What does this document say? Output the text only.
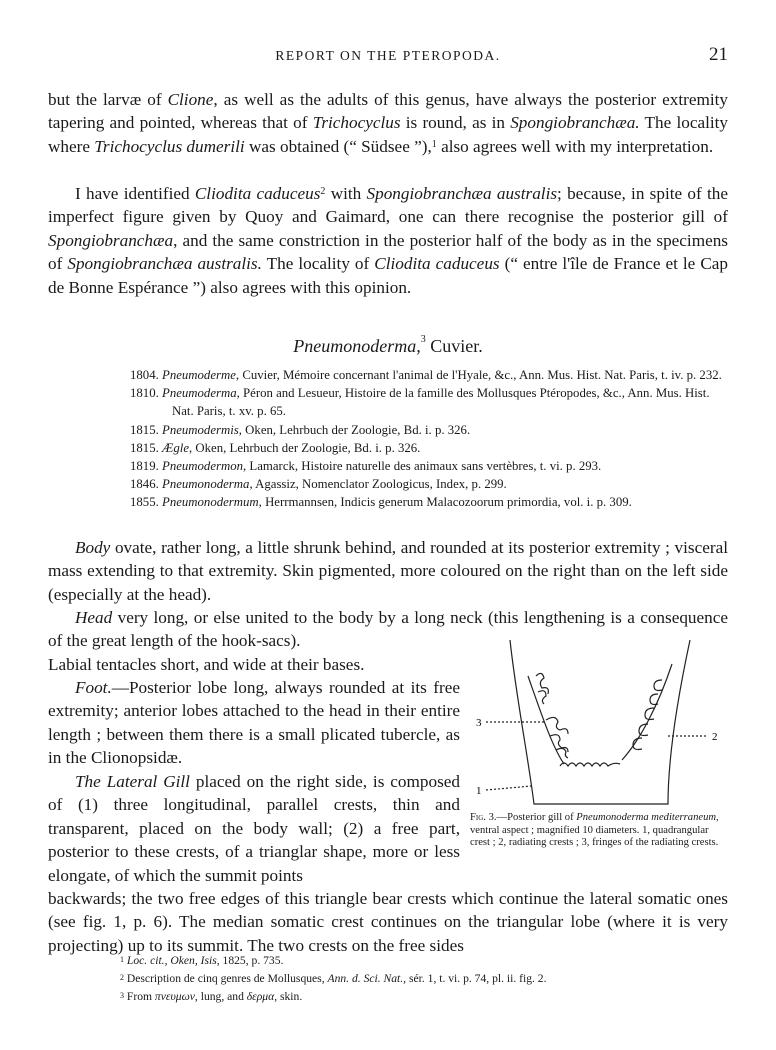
REPORT ON THE PTEROPODA.	21
but the larvæ of Clione, as well as the adults of this genus, have always the posterior extremity tapering and pointed, whereas that of Trichocyclus is round, as in Spongiobranchæa. The locality where Trichocyclus dumerili was obtained (“ Südsee ”),$^1$ also agrees well with my interpretation.
I have identified Cliodita caduceus$^2$ with Spongiobranchæa australis; because, in spite of the imperfect figure given by Quoy and Gaimard, one can there recognise the posterior gill of Spongiobranchæa, and the same constriction in the posterior half of the body as in the specimens of Spongiobranchæa australis. The locality of Cliodita caduceus (“ entre l'île de France et le Cap de Bonne Espérance ”) also agrees with this opinion.
Pneumonoderma,$^3$ Cuvier.
1804. Pneumoderme, Cuvier, Mémoire concernant l'animal de l'Hyale, &c., Ann. Mus. Hist. Nat. Paris, t. iv. p. 232.
1810. Pneumoderma, Péron and Lesueur, Histoire de la famille des Mollusques Ptéropodes, &c., Ann. Mus. Hist. Nat. Paris, t. xv. p. 65.
1815. Pneumodermis, Oken, Lehrbuch der Zoologie, Bd. i. p. 326.
1815. Ægle, Oken, Lehrbuch der Zoologie, Bd. i. p. 326.
1819. Pneumodermon, Lamarck, Histoire naturelle des animaux sans vertèbres, t. vi. p. 293.
1846. Pneumonoderma, Agassiz, Nomenclator Zoologicus, Index, p. 299.
1855. Pneumonodermum, Herrmannsen, Indicis generum Malacozoorum primordia, vol. i. p. 309.
Body ovate, rather long, a little shrunk behind, and rounded at its posterior extremity ; visceral mass extending to that extremity. Skin pigmented, more coloured on the right than on the left side (especially at the head).
Head very long, or else united to the body by a long neck (this lengthening is a consequence of the great length of the hook-sacs).
Labial tentacles short, and wide at their bases.
Foot.—Posterior lobe long, always rounded at its free extremity; anterior lobes attached to the head in their entire length ; between them there is a small plicated tubercle, as in the Clionopsidæ.
The Lateral Gill placed on the right side, is composed of (1) three longitudinal, parallel crests, thin and transparent, placed on the body wall; (2) a free part, posterior to these crests, of a trianglar shape, more or less elongate, of which the summit points
backwards; the two free edges of this triangle bear crests which continue the lateral somatic ones (see fig. 1, p. 6). The median somatic crest continues on the triangular lobe (where it is very projecting) up to its summit. The two crests on the free sides
3
2
1
Fig. 3.—Posterior gill of Pneumonoderma mediterraneum, ventral aspect ; magnified 10 diameters. 1, quadrangular crest ; 2, radiating crests ; 3, fringes of the radiating crests.
$^1$ Loc. cit., Oken, Isis, 1825, p. 735.
$^2$ Description de cinq genres de Mollusques, Ann. d. Sci. Nat., sér. 1, t. vi. p. 74, pl. ii. fig. 2.
$^3$ From πνευμων, lung, and δερμα, skin.
